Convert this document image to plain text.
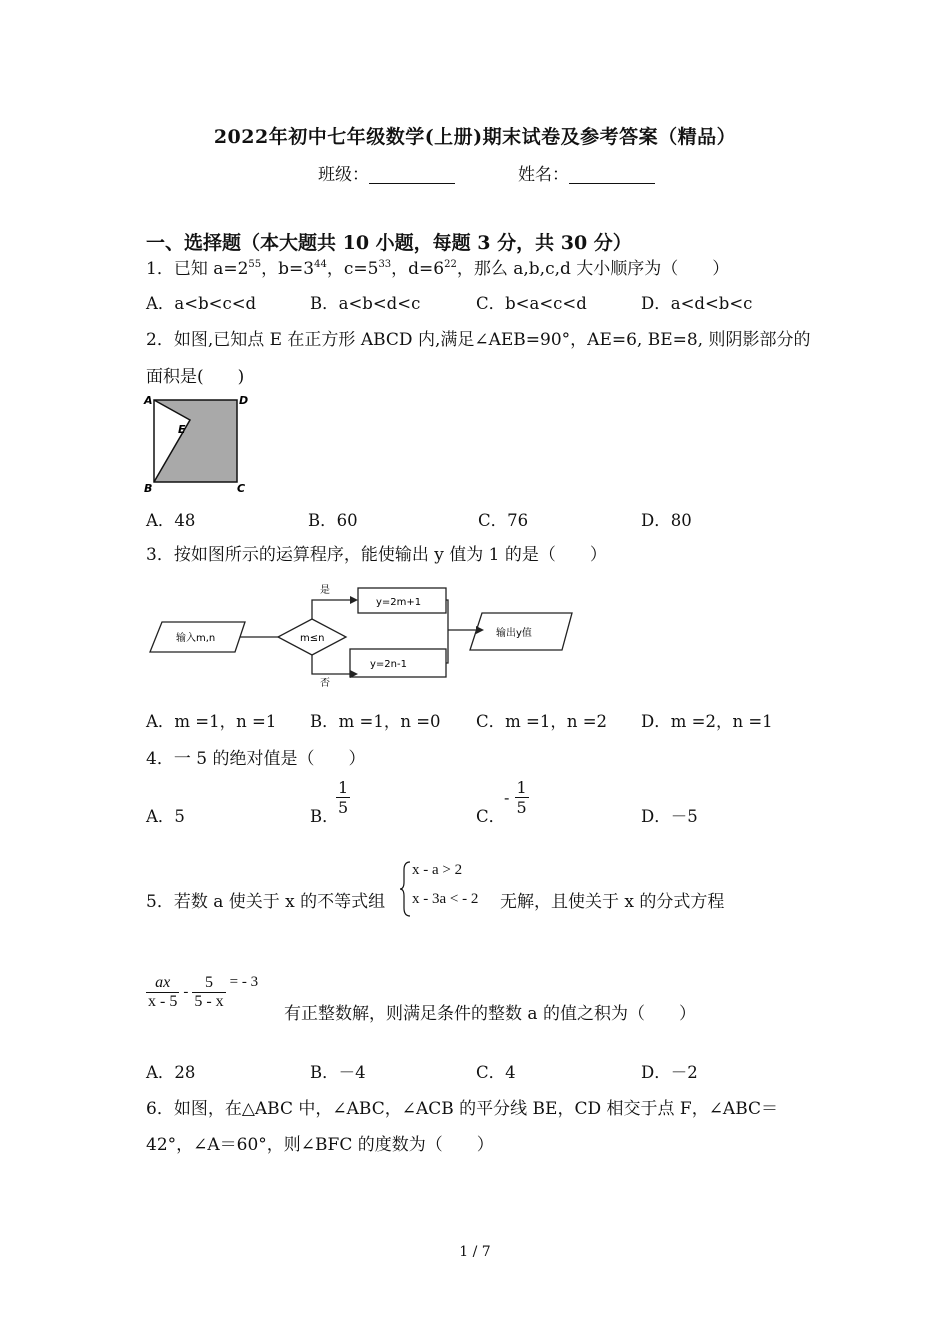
2022年初中七年级数学(上册)期末试卷及参考答案（精品）
班级：	姓名：
一、选择题（本大题共 10 小题，每题 3 分，共 30 分）
1．已知 $a=2^{55}$，$b=3^{44}$，$c=5^{33}$，$d=6^{22}$，那么 a,b,c,d 大小顺序为（　　）
A．a<b<c<d	B．a<b<d<c	C．b<a<c<d	D．a<d<b<c
2．如图,已知点 E 在正方形 ABCD 内,满足∠AEB=90°，AE=6, BE=8, 则阴影部分的
面积是(　　)
A	D
E
B	C
A．48	B．60	C．76	D．80
3．按如图所示的运算程序，能使输出 y 值为 1 的是（　　）
输入m,n	m≤n
是
否
y=2m+1
y=2n-1
输出y值
A．m =1，n =1 B．m =1，n =0 C．m =1，n =2 D．m =2，n =1
4．一 5 的绝对值是（　　）
A．5	B．
$\frac{1}{5}$	C．
- $\frac{1}{5}$	D．－5
5．若数 a 使关于 x 的不等式组
x - a > 2
x - 3a < - 2 无解，且使关于 x 的分式方程
$\frac{ax}{x - 5} - \frac{5}{5 - x}$ = - 3
有正整数解，则满足条件的整数 a 的值之积为（　　）
A．28	B．－4	C．4	D．－2
6．如图，在△ABC 中，∠ABC，∠ACB 的平分线 BE，CD 相交于点 F，∠ABC＝
42°，∠A＝60°，则∠BFC 的度数为（　　）
1 / 7
